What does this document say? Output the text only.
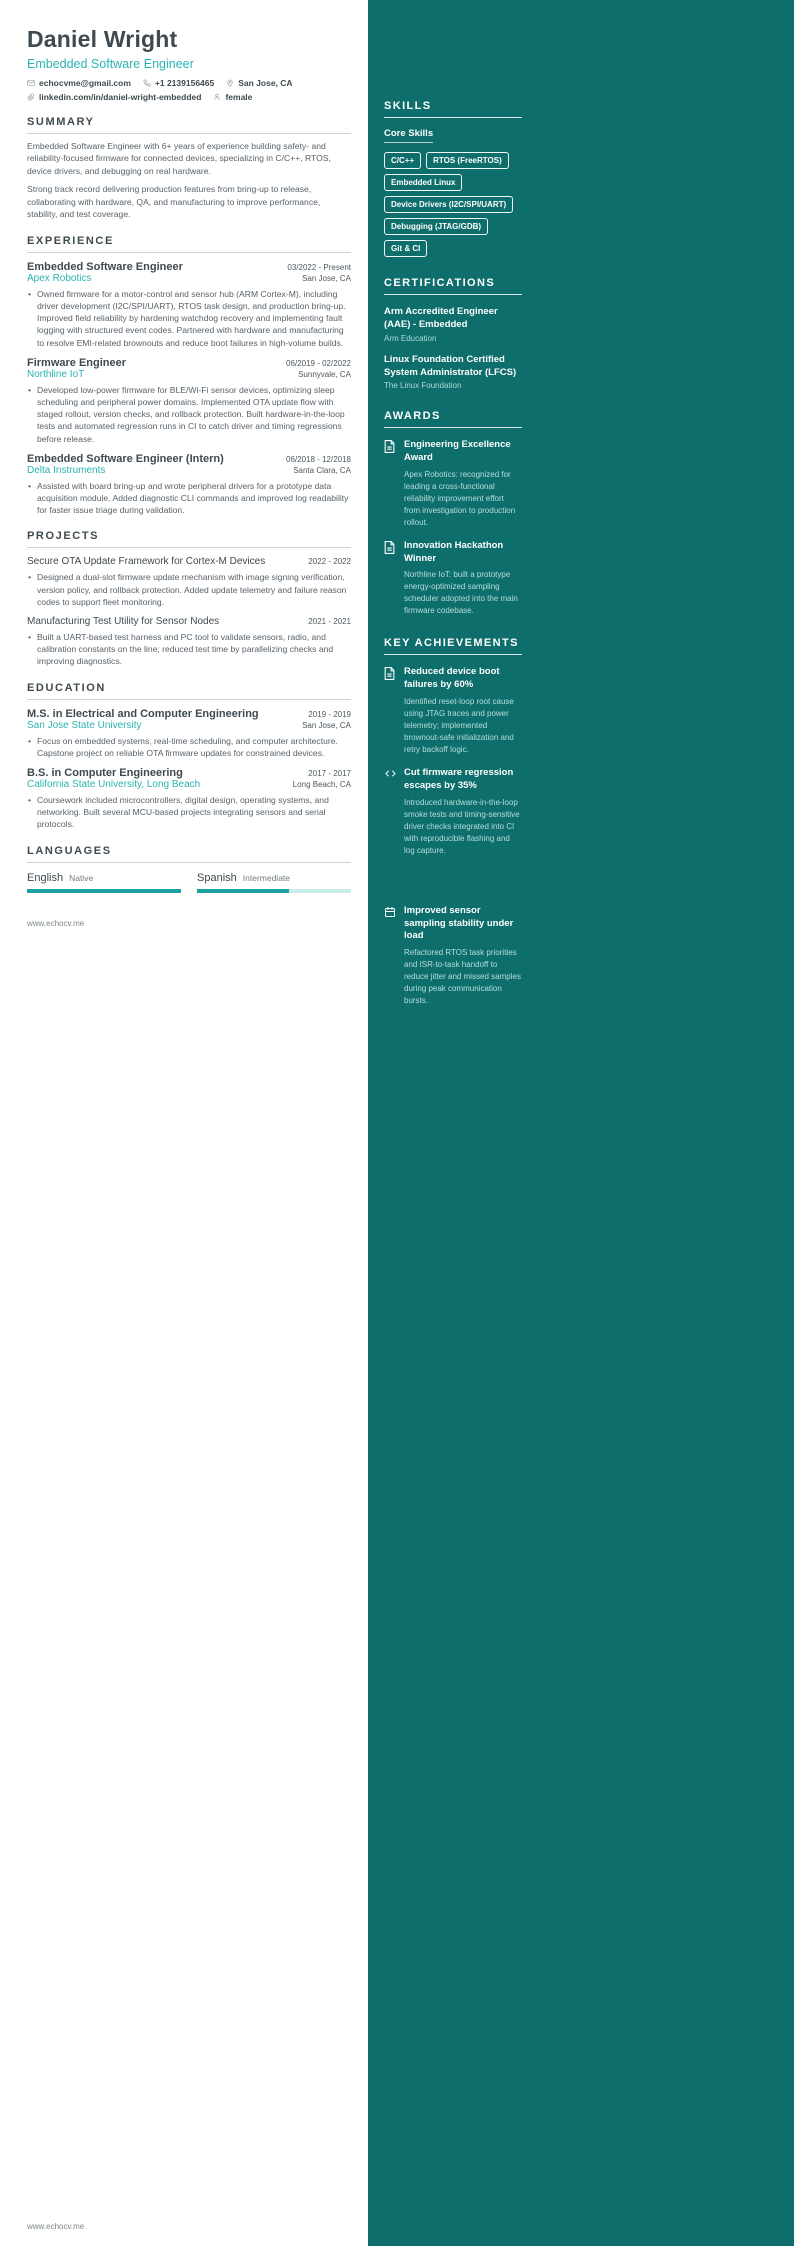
Daniel Wright
Embedded Software Engineer
echocvme@gmail.com	+1 2139156465	San Jose, CA
linkedin.com/in/daniel-wright-embedded	female
SUMMARY

Embedded Software Engineer with 6+ years of experience building safety- and reliability-focused firmware for connected devices, specializing in C/C++, RTOS, device drivers, and debugging on real hardware.

Strong track record delivering production features from bring-up to release, collaborating with hardware, QA, and manufacturing to improve performance, stability, and test coverage.

EXPERIENCE
Embedded Software Engineer	03/2022 - Present
Apex Robotics	San Jose, CA
• Owned firmware for a motor-control and sensor hub (ARM Cortex-M), including driver development (I2C/SPI/UART), RTOS task design, and production bring-up. Improved field reliability by hardening watchdog recovery and implementing fault logging with structured event codes. Partnered with hardware and manufacturing to resolve EMI-related brownouts and reduce boot failures in high-volume builds.
Firmware Engineer	06/2019 - 02/2022
Northline IoT	Sunnyvale, CA
• Developed low-power firmware for BLE/Wi-Fi sensor devices, optimizing sleep scheduling and peripheral power domains. Implemented OTA update flow with staged rollout, version checks, and rollback protection. Built hardware-in-the-loop tests and automated regression runs in CI to catch driver and timing regressions before release.
Embedded Software Engineer (Intern)	06/2018 - 12/2018
Delta Instruments	Santa Clara, CA
• Assisted with board bring-up and wrote peripheral drivers for a prototype data acquisition module. Added diagnostic CLI commands and improved log readability for faster issue triage during validation.
PROJECTS
Secure OTA Update Framework for Cortex-M Devices	2022 - 2022
• Designed a dual-slot firmware update mechanism with image signing verification, version policy, and rollback protection. Added update telemetry and failure reason codes to support fleet monitoring.
Manufacturing Test Utility for Sensor Nodes	2021 - 2021
• Built a UART-based test harness and PC tool to validate sensors, radio, and calibration constants on the line; reduced test time by parallelizing checks and improving diagnostics.
EDUCATION
M.S. in Electrical and Computer Engineering	2019 - 2019
San Jose State University	San Jose, CA
• Focus on embedded systems, real-time scheduling, and computer architecture. Capstone project on reliable OTA firmware updates for constrained devices.
B.S. in Computer Engineering	2017 - 2017
California State University, Long Beach	Long Beach, CA
• Coursework included microcontrollers, digital design, operating systems, and networking. Built several MCU-based projects integrating sensors and serial protocols.
LANGUAGES
English Native	Spanish Intermediate
www.echocv.me
SKILLS
Core Skills
C/C++	RTOS (FreeRTOS)
Embedded Linux
Device Drivers (I2C/SPI/UART)
Debugging (JTAG/GDB)
Git & CI
CERTIFICATIONS
Arm Accredited Engineer (AAE) - Embedded
Arm Education
Linux Foundation Certified System Administrator (LFCS)
The Linux Foundation
AWARDS
Engineering Excellence Award
Apex Robotics: recognized for leading a cross-functional reliability improvement effort from investigation to production rollout.
Innovation Hackathon Winner
Northline IoT: built a prototype energy-optimized sampling scheduler adopted into the main firmware codebase.
KEY ACHIEVEMENTS
Reduced device boot failures by 60%
Identified reset-loop root cause using JTAG traces and power telemetry; implemented brownout-safe initialization and retry backoff logic.
Cut firmware regression escapes by 35%
Introduced hardware-in-the-loop smoke tests and timing-sensitive driver checks integrated into CI with reproducible flashing and log capture.
Improved sensor sampling stability under load
Refactored RTOS task priorities and ISR-to-task handoff to reduce jitter and missed samples during peak communication bursts.
www.echocv.me
